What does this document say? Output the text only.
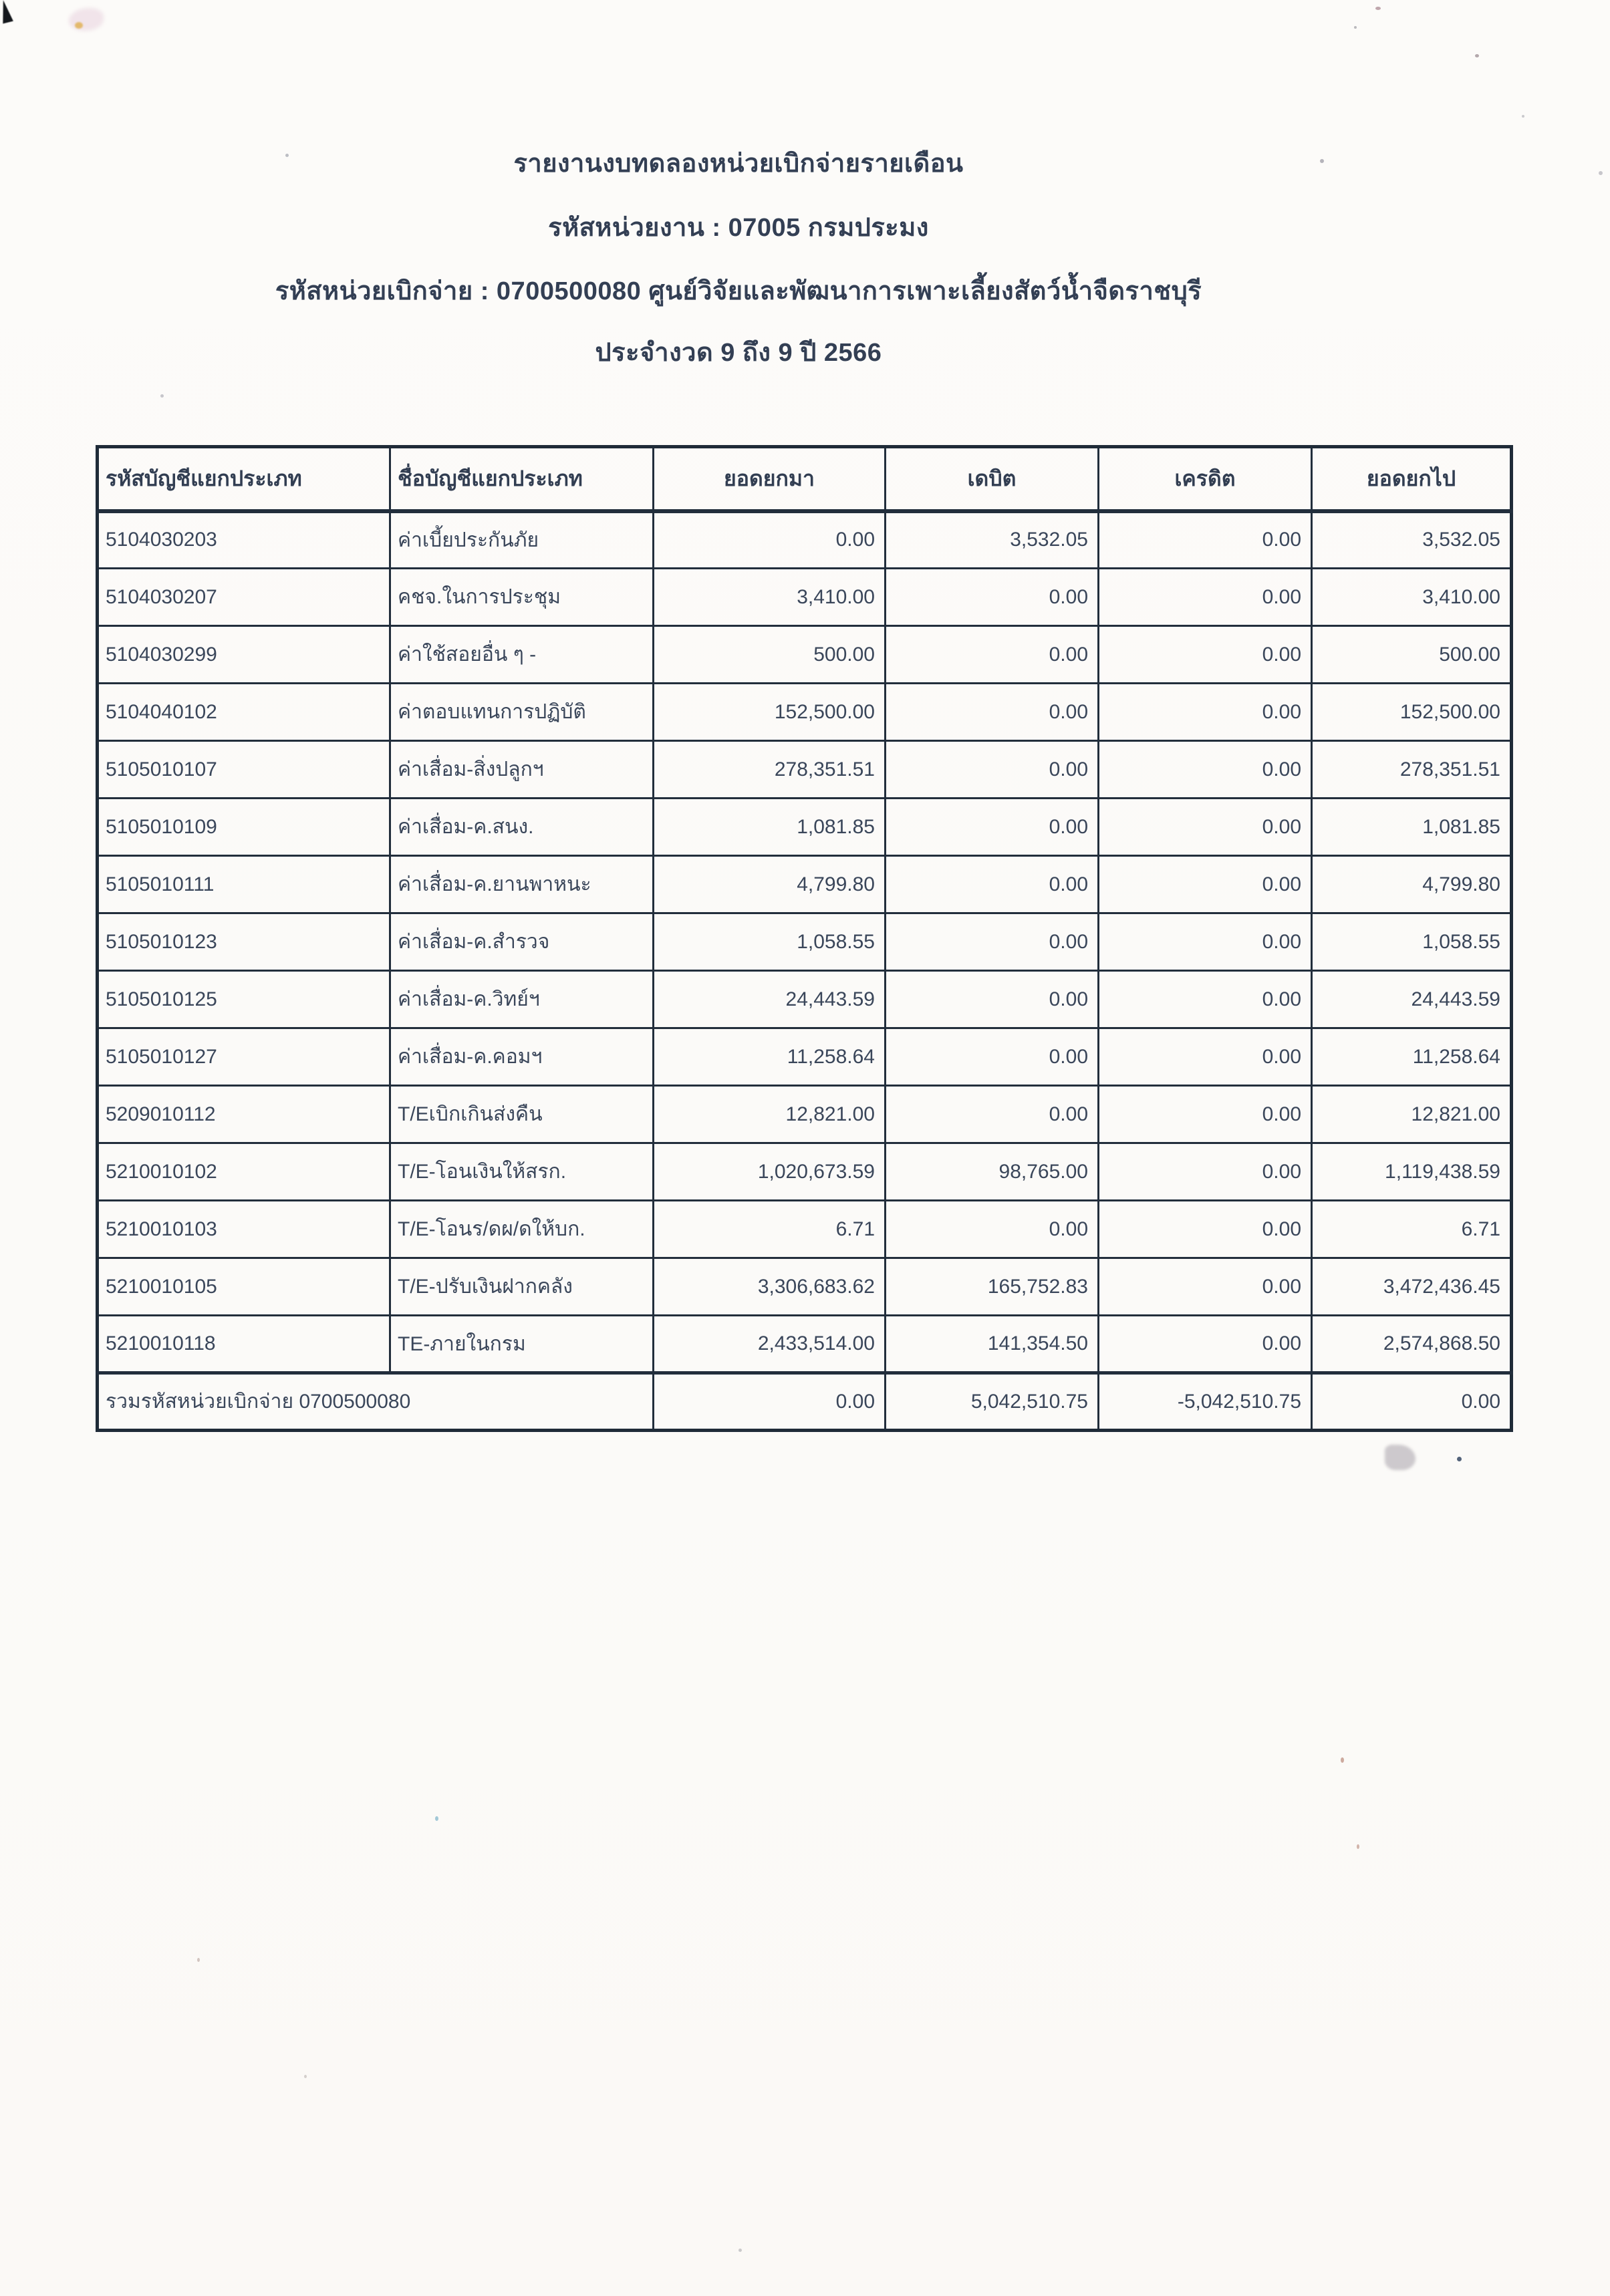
รายงานงบทดลองหน่วยเบิกจ่ายรายเดือน
รหัสหน่วยงาน : 07005 กรมประมง
รหัสหน่วยเบิกจ่าย : 0700500080 ศูนย์วิจัยและพัฒนาการเพาะเลี้ยงสัตว์น้ำจืดราชบุรี
ประจำงวด 9 ถึง 9 ปี 2566
รหัสบัญชีแยกประเภท	ชื่อบัญชีแยกประเภท	ยอดยกมา	เดบิต	เครดิต	ยอดยกไป
5104030203	ค่าเบี้ยประกันภัย	0.00	3,532.05	0.00	3,532.05
5104030207	คชจ.ในการประชุม	3,410.00	0.00	0.00	3,410.00
5104030299	ค่าใช้สอยอื่น ๆ -	500.00	0.00	0.00	500.00
5104040102	ค่าตอบแทนการปฏิบัติ	152,500.00	0.00	0.00	152,500.00
5105010107	ค่าเสื่อม-สิ่งปลูกฯ	278,351.51	0.00	0.00	278,351.51
5105010109	ค่าเสื่อม-ค.สนง.	1,081.85	0.00	0.00	1,081.85
5105010111	ค่าเสื่อม-ค.ยานพาหนะ	4,799.80	0.00	0.00	4,799.80
5105010123	ค่าเสื่อม-ค.สำรวจ	1,058.55	0.00	0.00	1,058.55
5105010125	ค่าเสื่อม-ค.วิทย์ฯ	24,443.59	0.00	0.00	24,443.59
5105010127	ค่าเสื่อม-ค.คอมฯ	11,258.64	0.00	0.00	11,258.64
5209010112	T/Eเบิกเกินส่งคืน	12,821.00	0.00	0.00	12,821.00
5210010102	T/E-โอนเงินให้สรก.	1,020,673.59	98,765.00	0.00	1,119,438.59
5210010103	T/E-โอนร/ดผ/ดให้บก.	6.71	0.00	0.00	6.71
5210010105	T/E-ปรับเงินฝากคลัง	3,306,683.62	165,752.83	0.00	3,472,436.45
5210010118	TE-ภายในกรม	2,433,514.00	141,354.50	0.00	2,574,868.50
รวมรหัสหน่วยเบิกจ่าย 0700500080		0.00	5,042,510.75	-5,042,510.75	0.00
